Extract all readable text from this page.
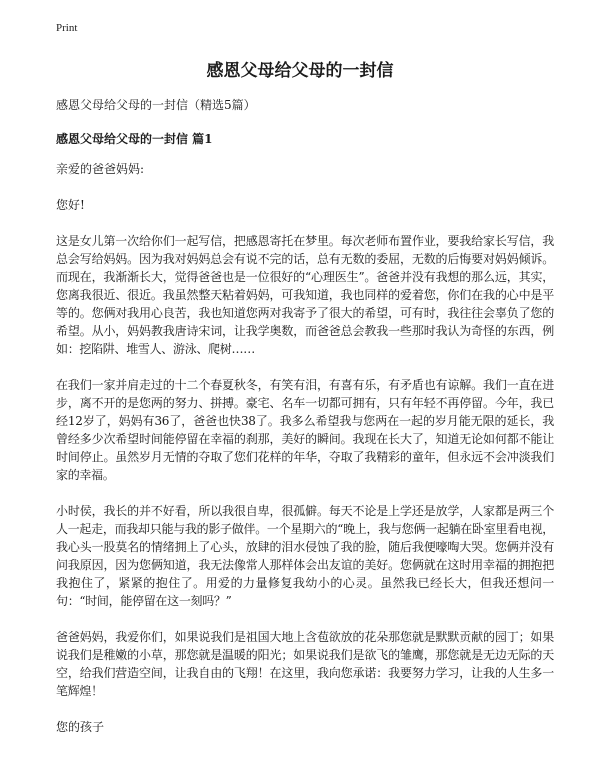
Print
感恩父母给父母的一封信

感恩父母给父母的一封信（精选5篇）

感恩父母给父母的一封信 篇1

亲爱的爸爸妈妈:

您好!

这是女儿第一次给你们一起写信，把感恩寄托在梦里。每次老师布置作业，要我给家长写信，我总会写给妈妈。因为我对妈妈总会有说不完的话，总有无数的委屈，无数的后悔要对妈妈倾诉。而现在，我渐渐长大，觉得爸爸也是一位很好的“心理医生”。爸爸并没有我想的那么远，其实，您离我很近、很近。我虽然整天粘着妈妈，可我知道，我也同样的爱着您，你们在我的心中是平等的。您俩对我用心良苦，我也知道您两对我寄予了很大的希望，可有时，我往往会辜负了您的希望。从小，妈妈教我唐诗宋词，让我学奥数，而爸爸总会教我一些那时我认为奇怪的东西，例如：挖陷阱、堆雪人、游泳、爬树……

在我们一家并肩走过的十二个春夏秋冬，有笑有泪，有喜有乐，有矛盾也有谅解。我们一直在进步，离不开的是您两的努力、拼搏。豪宅、名车一切都可拥有，只有年轻不再停留。今年，我已经12岁了，妈妈有36了，爸爸也快38了。我多么希望我与您两在一起的岁月能无限的延长，我曾经多少次希望时间能停留在幸福的刹那，美好的瞬间。我现在长大了，知道无论如何都不能让时间停止。虽然岁月无情的夺取了您们花样的年华，夺取了我精彩的童年，但永远不会冲淡我们家的幸福。

小时侯，我长的并不好看，所以我很自卑，很孤僻。每天不论是上学还是放学，人家都是两三个人一起走，而我却只能与我的影子做伴。一个星期六的“晚上，我与您俩一起躺在卧室里看电视，我心头一股莫名的情绪拥上了心头，放肆的泪水侵蚀了我的脸，随后我便嚎啕大哭。您俩并没有问我原因，因为您俩知道，我无法像常人那样体会出友谊的美好。您俩就在这时用幸福的拥抱把我抱住了，紧紧的抱住了。用爱的力量修复我幼小的心灵。虽然我已经长大，但我还想问一句：“时间，能停留在这一刻吗？”

爸爸妈妈，我爱你们，如果说我们是祖国大地上含苞欲放的花朵那您就是默默贡献的园丁；如果说我们是稚嫩的小草，那您就是温暖的阳光；如果说我们是欲飞的雏鹰，那您就是无边无际的天空，给我们营造空间，让我自由的飞翔！在这里，我向您承诺：我要努力学习，让我的人生多一笔辉煌！

您的孩子
